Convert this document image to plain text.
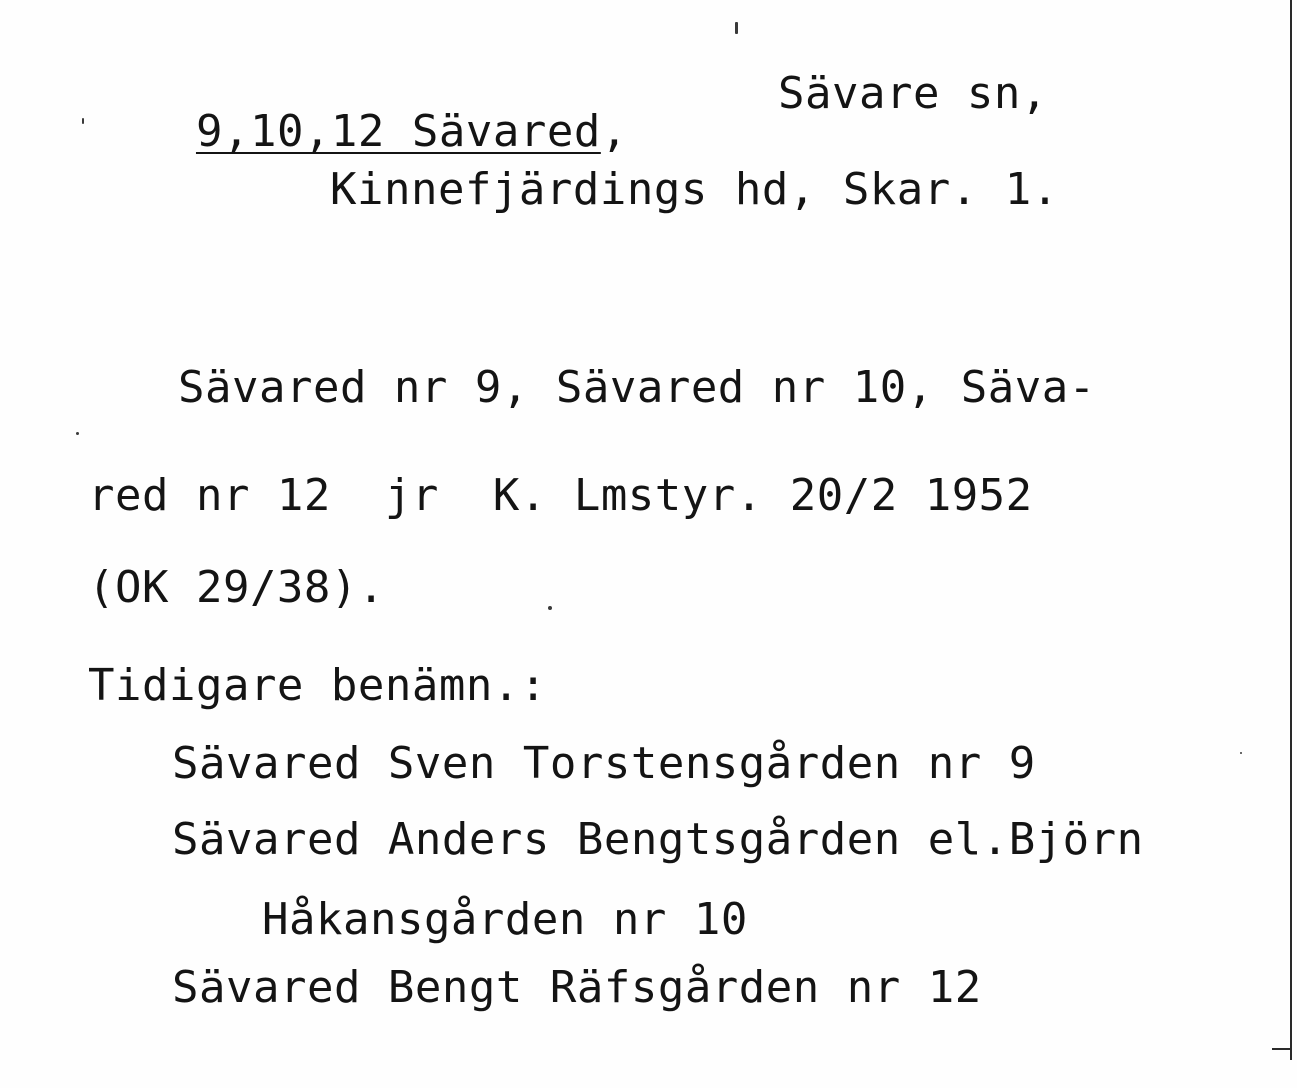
9,10,12 Sävared,

Sävare sn,
Kinnefjärdings hd, Skar. 1.
Sävared nr 9, Sävared nr 10, Säva-
red nr 12  jr  K. Lmstyr. 20/2 1952
(OK 29/38).
Tidigare benämn.:
Sävared Sven Torstensgården nr 9
Sävared Anders Bengtsgården el.Björn
Håkansgården nr 10
Sävared Bengt Räfsgården nr 12
